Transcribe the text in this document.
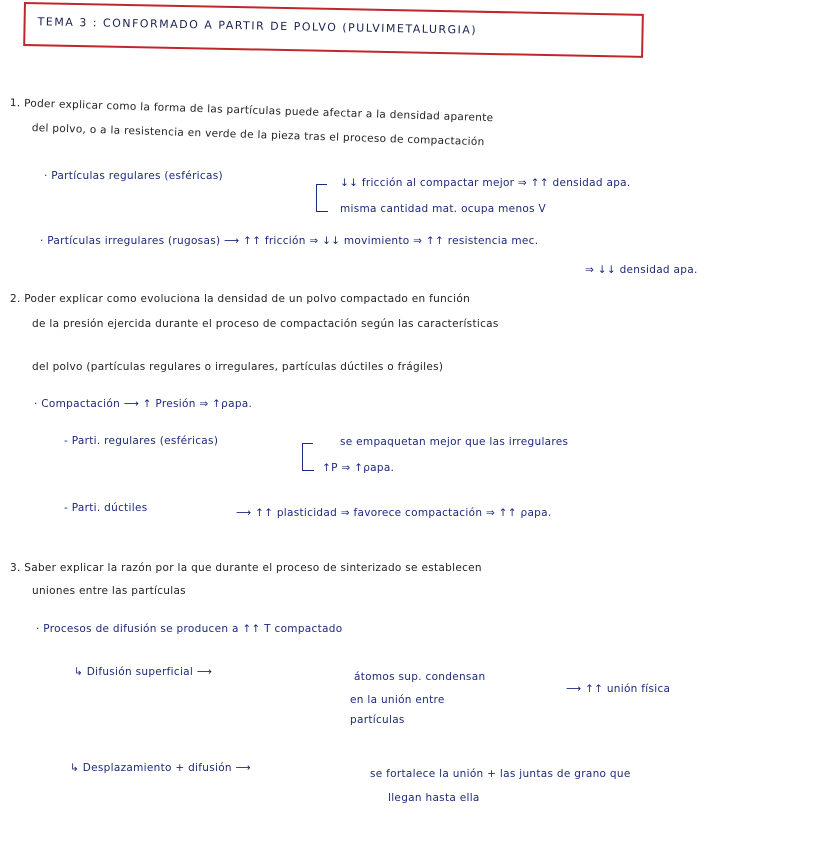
TEMA 3 : CONFORMADO A PARTIR DE POLVO (PULVIMETALURGIA)
1. Poder explicar como la forma de las partículas puede afectar a la densidad aparente
del polvo, o a la resistencia en verde de la pieza tras el proceso de compactación
· Partículas regulares (esféricas)
↓↓ fricción al compactar mejor ⇒ ↑↑ densidad apa.
misma cantidad mat. ocupa menos V
· Partículas irregulares (rugosas) ⟶ ↑↑ fricción ⇒ ↓↓ movimiento ⇒ ↑↑ resistencia mec.
⇒ ↓↓ densidad apa.
2. Poder explicar como evoluciona la densidad de un polvo compactado en función
de la presión ejercida durante el proceso de compactación según las características
del polvo (partículas regulares o irregulares, partículas dúctiles o frágiles)
· Compactación ⟶ ↑ Presión ⇒ ↑ρapa.
- Parti. regulares (esféricas)	se empaquetan mejor que las irregulares
↑P ⇒ ↑ρapa.
- Parti. dúctiles	⟶ ↑↑ plasticidad ⇒ favorece compactación ⇒ ↑↑ ρapa.
3. Saber explicar la razón por la que durante el proceso de sinterizado se establecen
uniones entre las partículas
· Procesos de difusión se producen a ↑↑ T compactado
↳ Difusión superficial ⟶	átomos sup. condensan
en la unión entre
partículas
⟶ ↑↑ unión física
↳ Desplazamiento + difusión ⟶	se fortalece la unión + las juntas de grano que
llegan hasta ella
